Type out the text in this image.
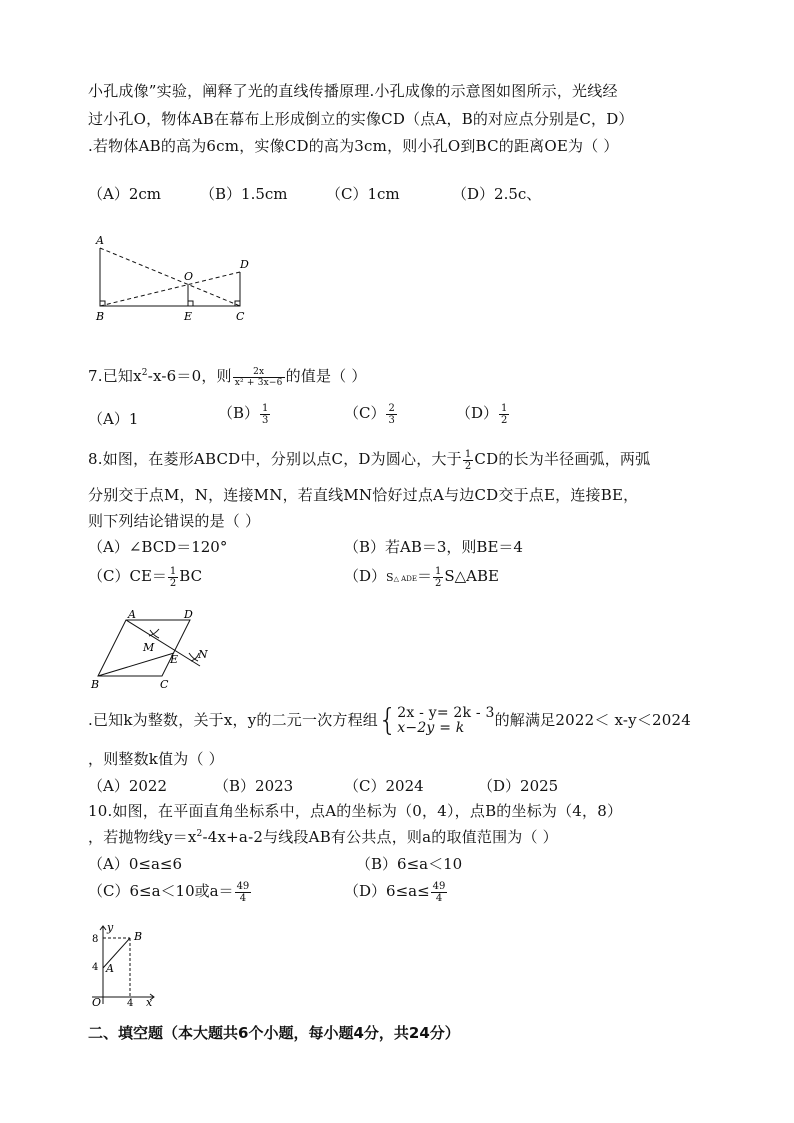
小孔成像”实验，阐释了光的直线传播原理.小孔成像的示意图如图所示，光线经
过小孔O，物体AB在幕布上形成倒立的实像CD（点A，B的对应点分别是C，D）
.若物体AB的高为6cm，实像CD的高为3cm，则小孔O到BC的距离OE为（ ）
（A）2cm	（B）1.5cm	（C）1cm	（D）2.5c、
A
B
O
E	C
D
7.已知$x^2-x-6=0$，则 $\frac{2x}{\text{x² + 3x−6}}$ 的值是（ ）
（A）1	$(B) \frac{1}{3}$	$(C) \frac{2}{3}$	$(D) \frac{1}{2}$
8.如图，在菱形ABCD中，分别以点C，D为圆心，大于 $\frac{1}{2}$ CD的长为半径画弧，两弧
分别交于点M，N，连接MN，若直线MN恰好过点A与边CD交于点E，连接BE，
则下列结论错误的是（ ）
（A）∠BCD＝120°	（B）若AB＝3，则BE＝4
$(C)CE= \frac{1}{2}$ BC	（D）S△ $ADE= \frac{1}{2}$ S△ABE
A	D
M
E N
B	C
.已知k为整数，关于x，y的二元一次方程组{ 2x - y= 2k - 3
x−2y = k	的解满足2022＜ x-y＜2024
，则整数k值为（ ）
（A）2022	（B）2023	（C）2024	（D）2025
10.如图，在平面直角坐标系中，点A的坐标为（0，4），点B的坐标为（4，8）
，若抛物线$y=x^2-4x+a-2$与线段AB有公共点，则a的取值范围为（ ）
（A）0≤a≤6	（B）6≤a＜10
（C）6≤a＜10或$a= \frac{49}{4}$	$(D)6\le a\le \frac{49}{4}$
y
B
A
8
4
O	4 x
二、填空题（本大题共6个小题，每小题4分，共24分）
